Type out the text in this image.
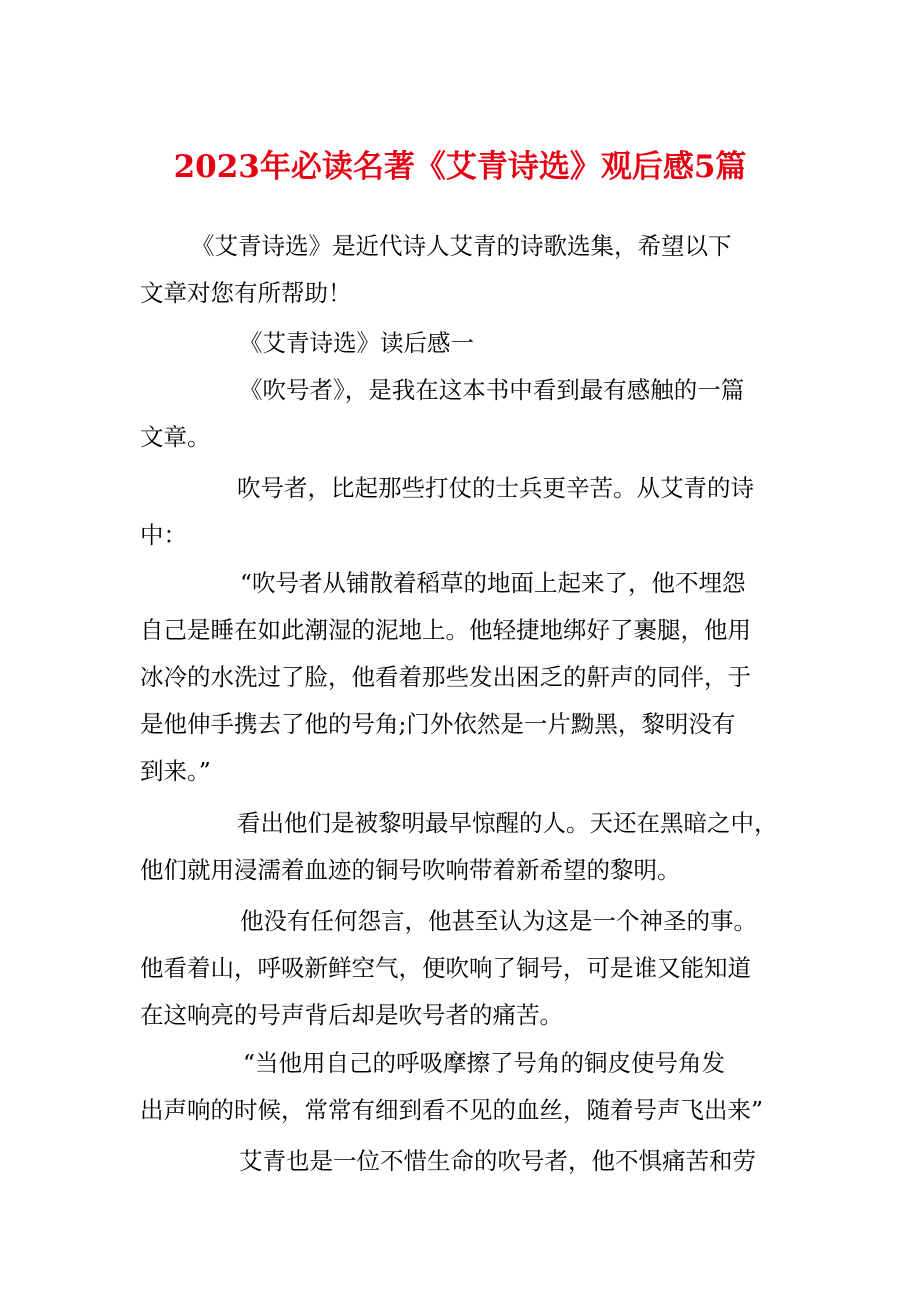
2023年必读名著《艾青诗选》观后感5篇
《艾青诗选》是近代诗人艾青的诗歌选集，希望以下
文章对您有所帮助！
《艾青诗选》读后感一
《吹号者》，是我在这本书中看到最有感触的一篇
文章。
吹号者，比起那些打仗的士兵更辛苦。从艾青的诗
中：
“吹号者从铺散着稻草的地面上起来了，他不埋怨
自己是睡在如此潮湿的泥地上。他轻捷地绑好了裹腿，他用
冰冷的水洗过了脸，他看着那些发出困乏的鼾声的同伴，于
是他伸手携去了他的号角;门外依然是一片黝黑，黎明没有
到来。”
看出他们是被黎明最早惊醒的人。天还在黑暗之中，
他们就用浸濡着血迹的铜号吹响带着新希望的黎明。
他没有任何怨言，他甚至认为这是一个神圣的事。
他看着山，呼吸新鲜空气，便吹响了铜号，可是谁又能知道
在这响亮的号声背后却是吹号者的痛苦。
“当他用自己的呼吸摩擦了号角的铜皮使号角发
出声响的时候，常常有细到看不见的血丝，随着号声飞出来”
艾青也是一位不惜生命的吹号者，他不惧痛苦和劳
